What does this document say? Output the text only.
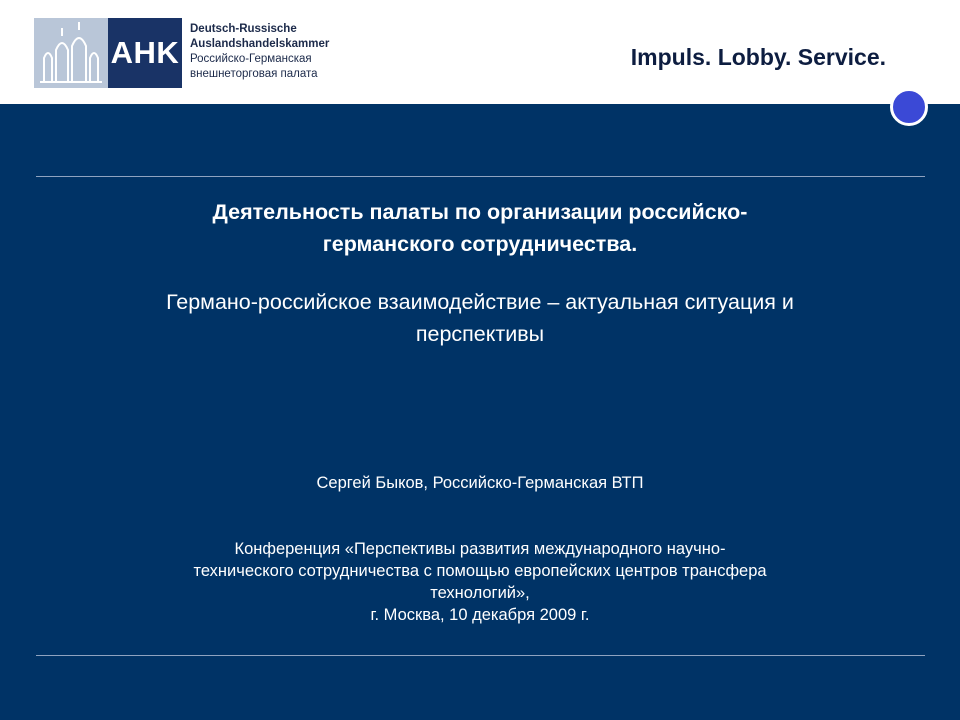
AHK
Deutsch-Russische
Auslandshandelskammer
Российско-Германская
внешнеторговая палата
Impuls. Lobby. Service.
Деятельность палаты по организации российско-
германского сотрудничества.
Германо-российское взаимодействие – актуальная ситуация и
перспективы
Сергей Быков, Российско-Германская ВТП
Конференция «Перспективы развития международного научно-
технического сотрудничества с помощью европейских центров трансфера
технологий»,
г. Москва, 10 декабря 2009 г.
